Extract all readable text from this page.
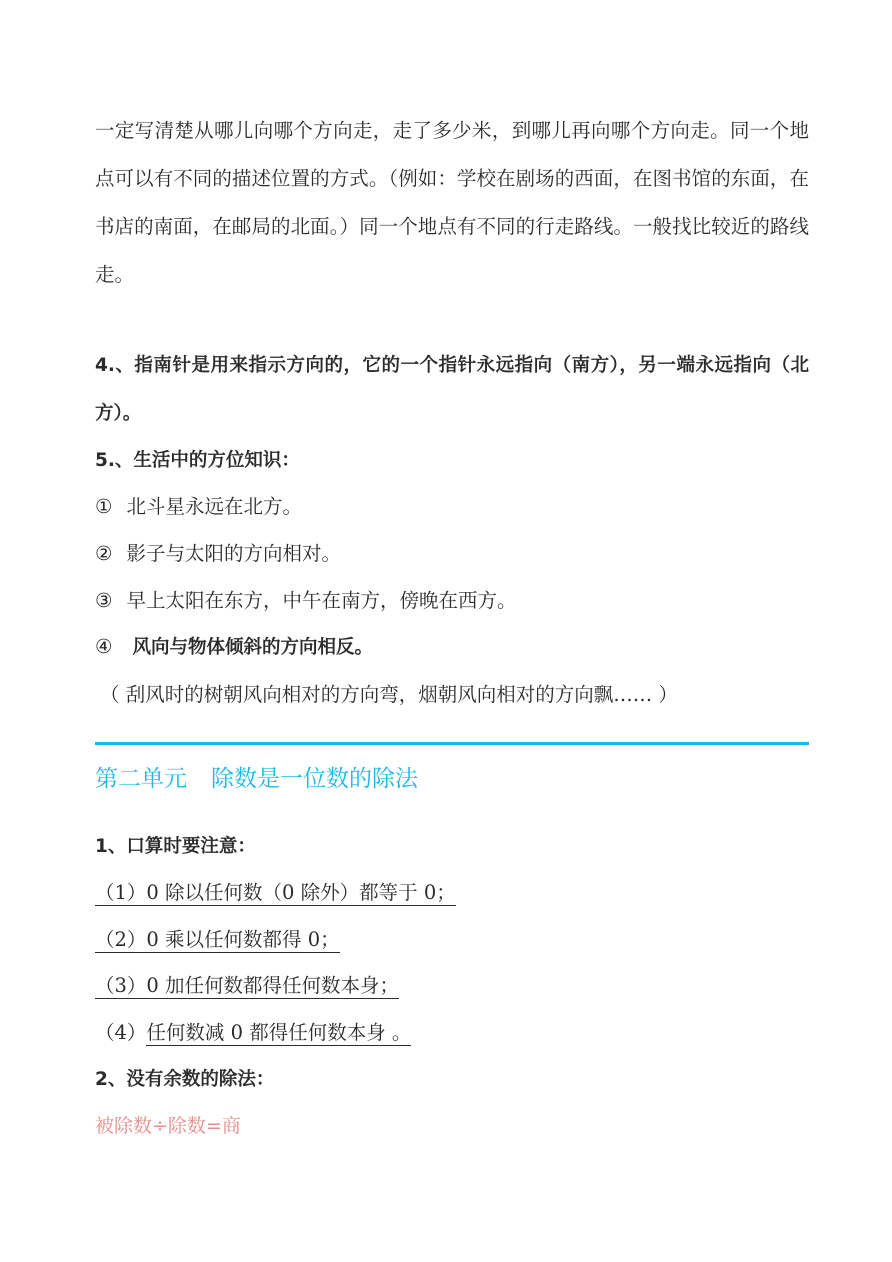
一定写清楚从哪儿向哪个方向走，走了多少米，到哪儿再向哪个方向走。同一个地点可以有不同的描述位置的方式。（例如：学校在剧场的西面，在图书馆的东面，在书店的南面，在邮局的北面。）同一个地点有不同的行走路线。一般找比较近的路线走。
4.、指南针是用来指示方向的，它的一个指针永远指向（南方），另一端永远指向（北方）。
5.、生活中的方位知识：
① 北斗星永远在北方。
② 影子与太阳的方向相对。
③ 早上太阳在东方，中午在南方，傍晚在西方。
④ 风向与物体倾斜的方向相反。
（ 刮风时的树朝风向相对的方向弯，烟朝风向相对的方向飘…… ）
第二单元 除数是一位数的除法
1、口算时要注意：
（1）0 除以任何数（0 除外）都等于 0；
（2）0 乘以任何数都得 0；
（3）0 加任何数都得任何数本身；
（4）任何数减 0 都得任何数本身 。
2、没有余数的除法：
被除数÷除数=商
